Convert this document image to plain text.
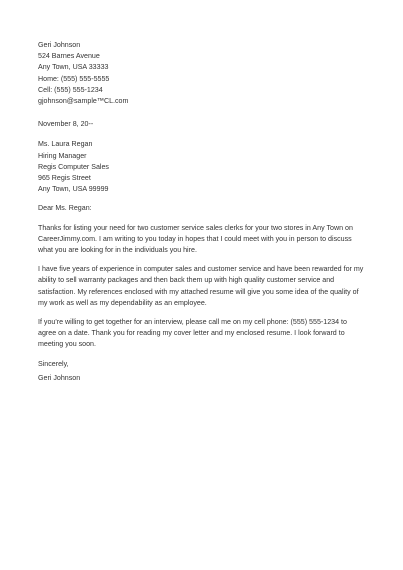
Geri Johnson
524 Barnes Avenue
Any Town, USA 33333
Home: (555) 555-5555
Cell: (555) 555-1234
gjohnson@sample™CL.com
November 8, 20--
Ms. Laura Regan
Hiring Manager
Regis Computer Sales
965 Regis Street
Any Town, USA 99999
Dear Ms. Regan:
Thanks for listing your need for two customer service sales clerks for your two stores in Any Town on
CareerJimmy.com. I am writing to you today in hopes that I could meet with you in person to discuss
what you are looking for in the individuals you hire.
I have five years of experience in computer sales and customer service and have been rewarded for my
ability to sell warranty packages and then back them up with high quality customer service and
satisfaction. My references enclosed with my attached resume will give you some idea of the quality of
my work as well as my dependability as an employee.
If you're willing to get together for an interview, please call me on my cell phone: (555) 555-1234 to
agree on a date. Thank you for reading my cover letter and my enclosed resume. I look forward to
meeting you soon.
Sincerely,
Geri Johnson
